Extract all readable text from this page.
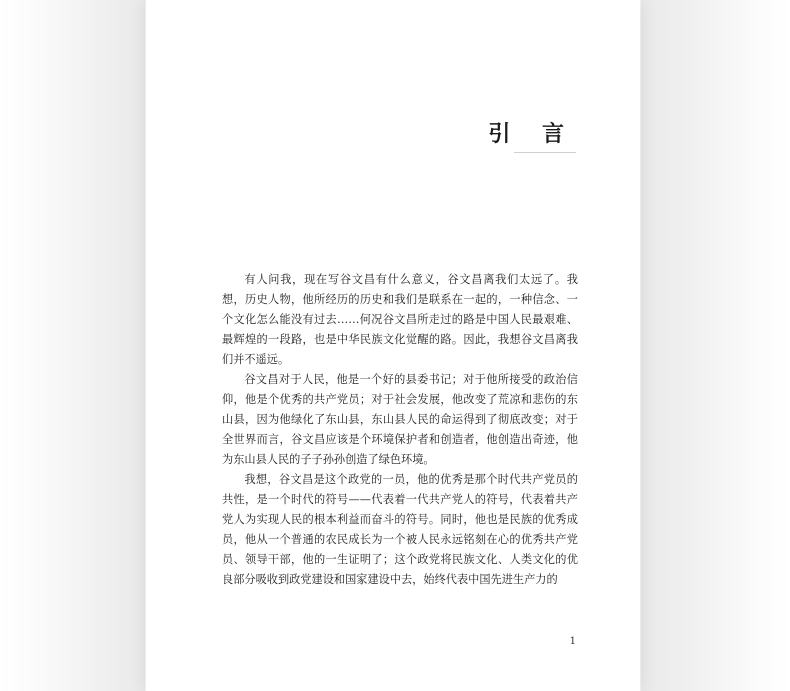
引 言

有人问我，现在写谷文昌有什么意义，谷文昌离我们太远了。我想，历史人物，他所经历的历史和我们是联系在一起的，一种信念、一个文化怎么能没有过去……何况谷文昌所走过的路是中国人民最艰难、最辉煌的一段路，也是中华民族文化觉醒的路。因此，我想谷文昌离我们并不遥远。

谷文昌对于人民，他是一个好的县委书记；对于他所接受的政治信仰，他是个优秀的共产党员；对于社会发展，他改变了荒凉和悲伤的东山县，因为他绿化了东山县，东山县人民的命运得到了彻底改变；对于全世界而言，谷文昌应该是个环境保护者和创造者，他创造出奇迹，他为东山县人民的子子孙孙创造了绿色环境。

我想，谷文昌是这个政党的一员，他的优秀是那个时代共产党员的共性，是一个时代的符号——代表着一代共产党人的符号，代表着共产党人为实现人民的根本利益而奋斗的符号。同时，他也是民族的优秀成员，他从一个普通的农民成长为一个被人民永远铭刻在心的优秀共产党员、领导干部，他的一生证明了；这个政党将民族文化、人类文化的优良部分吸收到政党建设和国家建设中去，始终代表中国先进生产力的

1
